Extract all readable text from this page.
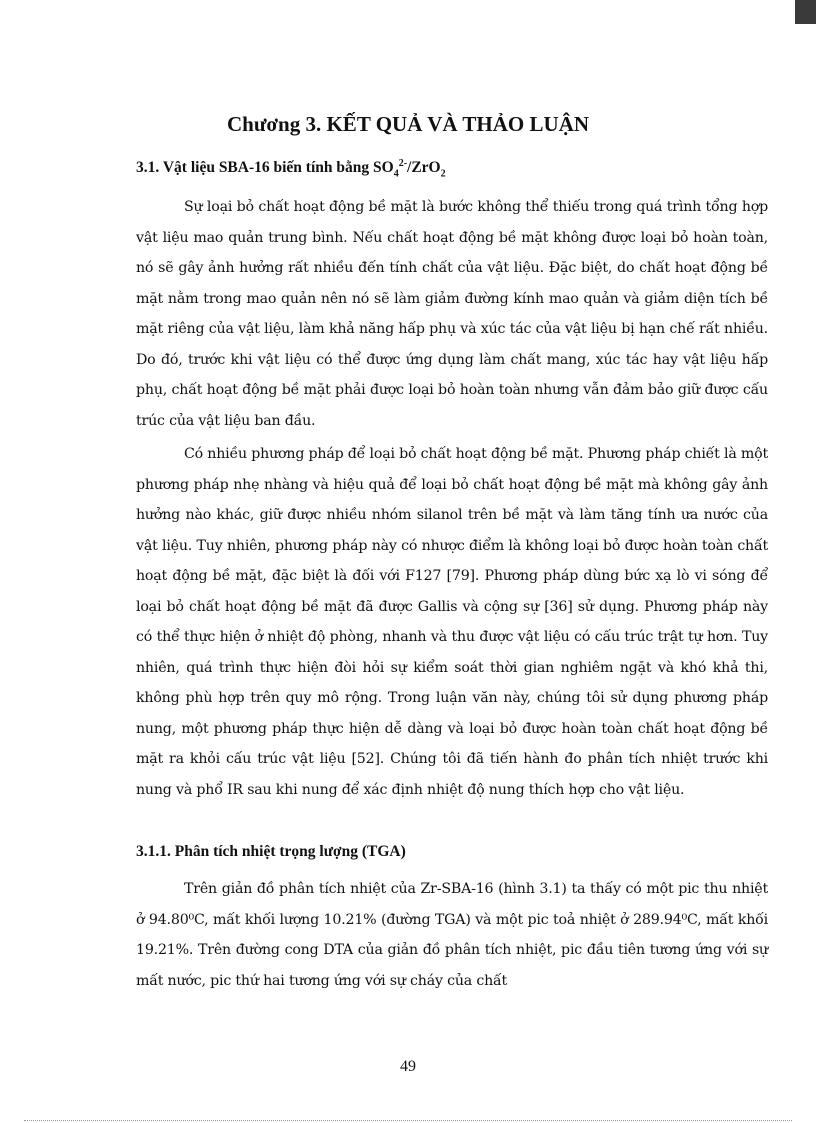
Chương 3. KẾT QUẢ VÀ THẢO LUẬN
3.1. Vật liệu SBA-16 biến tính bằng $SO_4^{2-}/ZrO_2$

Sự loại bỏ chất hoạt động bề mặt là bước không thể thiếu trong quá trình tổng hợp vật liệu mao quản trung bình. Nếu chất hoạt động bề mặt không được loại bỏ hoàn toàn, nó sẽ gây ảnh hưởng rất nhiều đến tính chất của vật liệu. Đặc biệt, do chất hoạt động bề mặt nằm trong mao quản nên nó sẽ làm giảm đường kính mao quản và giảm diện tích bề mặt riêng của vật liệu, làm khả năng hấp phụ và xúc tác của vật liệu bị hạn chế rất nhiều. Do đó, trước khi vật liệu có thể được ứng dụng làm chất mang, xúc tác hay vật liệu hấp phụ, chất hoạt động bề mặt phải được loại bỏ hoàn toàn nhưng vẫn đảm bảo giữ được cấu trúc của vật liệu ban đầu.

Có nhiều phương pháp để loại bỏ chất hoạt động bề mặt. Phương pháp chiết là một phương pháp nhẹ nhàng và hiệu quả để loại bỏ chất hoạt động bề mặt mà không gây ảnh hưởng nào khác, giữ được nhiều nhóm silanol trên bề mặt và làm tăng tính ưa nước của vật liệu. Tuy nhiên, phương pháp này có nhược điểm là không loại bỏ được hoàn toàn chất hoạt động bề mặt, đặc biệt là đối với F127 [79]. Phương pháp dùng bức xạ lò vi sóng để loại bỏ chất hoạt động bề mặt đã được Gallis và cộng sự [36] sử dụng. Phương pháp này có thể thực hiện ở nhiệt độ phòng, nhanh và thu được vật liệu có cấu trúc trật tự hơn. Tuy nhiên, quá trình thực hiện đòi hỏi sự kiểm soát thời gian nghiêm ngặt và khó khả thi, không phù hợp trên quy mô rộng. Trong luận văn này, chúng tôi sử dụng phương pháp nung, một phương pháp thực hiện dễ dàng và loại bỏ được hoàn toàn chất hoạt động bề mặt ra khỏi cấu trúc vật liệu [52]. Chúng tôi đã tiến hành đo phân tích nhiệt trước khi nung và phổ IR sau khi nung để xác định nhiệt độ nung thích hợp cho vật liệu.

3.1.1. Phân tích nhiệt trọng lượng (TGA)

Trên giản đồ phân tích nhiệt của Zr-SBA-16 (hình 3.1) ta thấy có một pic thu nhiệt ở 94.80⁰C, mất khối lượng 10.21% (đường TGA) và một pic toả nhiệt ở 289.94⁰C, mất khối 19.21%. Trên đường cong DTA của giản đồ phân tích nhiệt, pic đầu tiên tương ứng với sự mất nước, pic thứ hai tương ứng với sự cháy của chất

49
